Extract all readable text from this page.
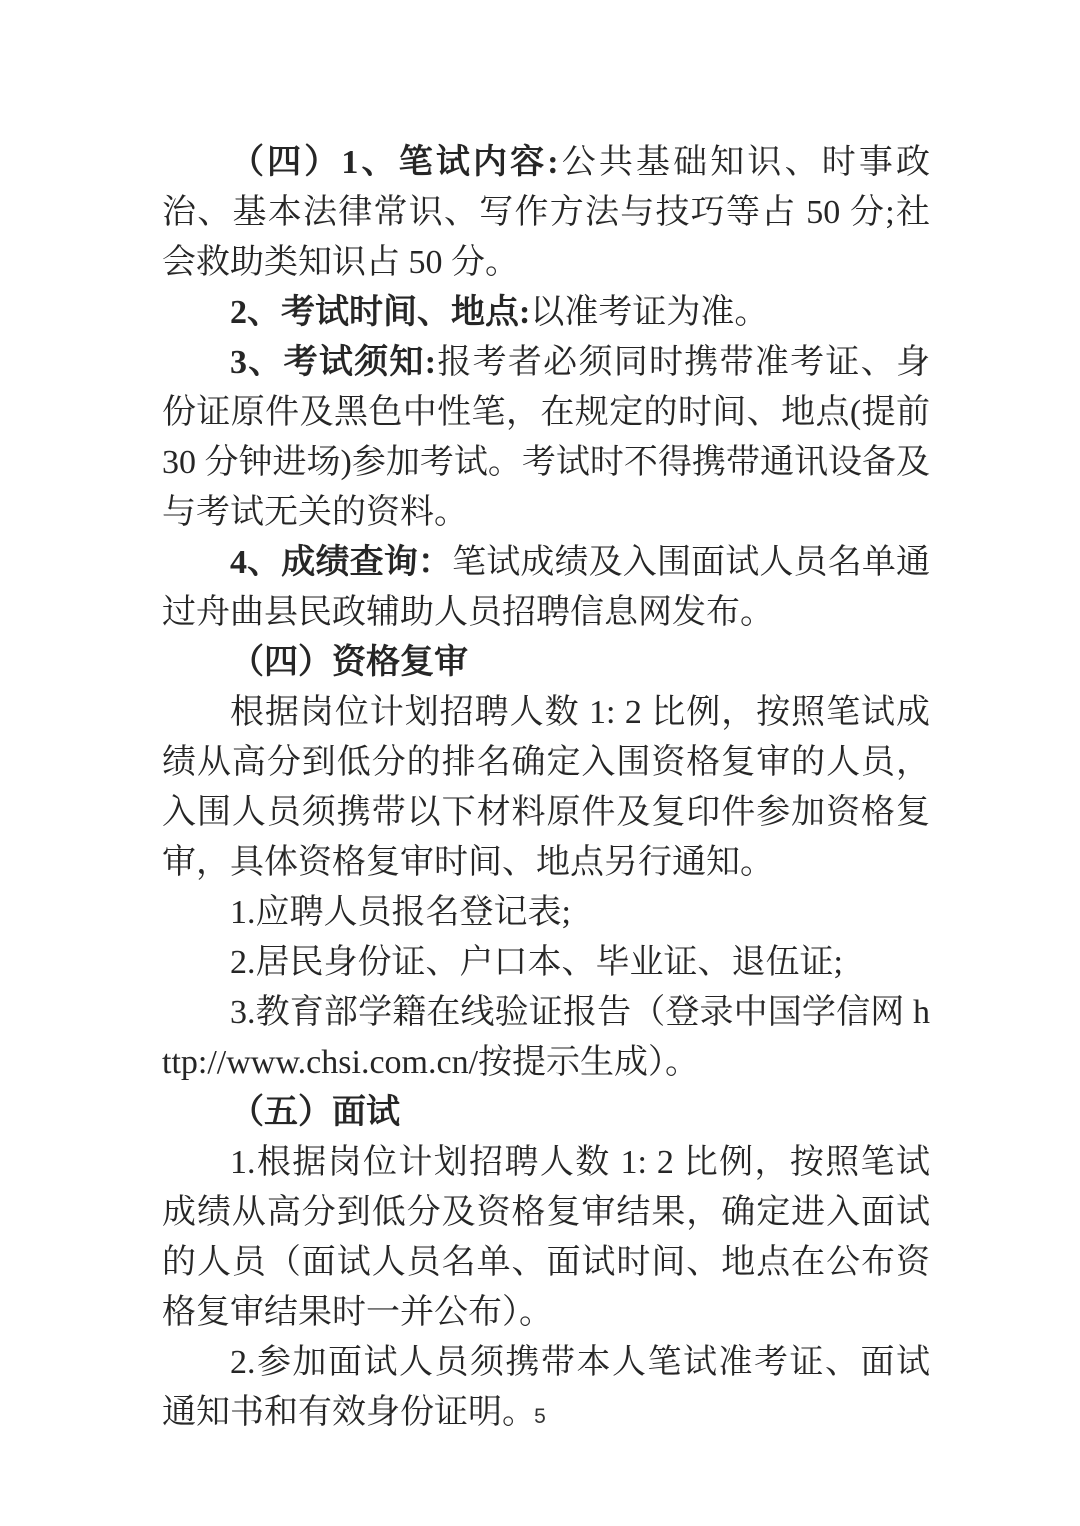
（四）1、笔试内容:公共基础知识、时事政治、基本法律常识、写作方法与技巧等占 50 分;社会救助类知识占 50 分。

2、考试时间、地点:以准考证为准。

3、考试须知:报考者必须同时携带准考证、身份证原件及黑色中性笔，在规定的时间、地点(提前 30 分钟进场)参加考试。考试时不得携带通讯设备及与考试无关的资料。

4、成绩查询：笔试成绩及入围面试人员名单通过舟曲县民政辅助人员招聘信息网发布。

（四）资格复审

根据岗位计划招聘人数 1: 2 比例，按照笔试成绩从高分到低分的排名确定入围资格复审的人员，入围人员须携带以下材料原件及复印件参加资格复审，具体资格复审时间、地点另行通知。

1.应聘人员报名登记表;

2.居民身份证、户口本、毕业证、退伍证;

3.教育部学籍在线验证报告（登录中国学信网 http://www.chsi.com.cn/按提示生成）。

（五）面试

1.根据岗位计划招聘人数 1: 2 比例，按照笔试成绩从高分到低分及资格复审结果，确定进入面试的人员（面试人员名单、面试时间、地点在公布资格复审结果时一并公布）。

2.参加面试人员须携带本人笔试准考证、面试通知书和有效身份证明。

5
